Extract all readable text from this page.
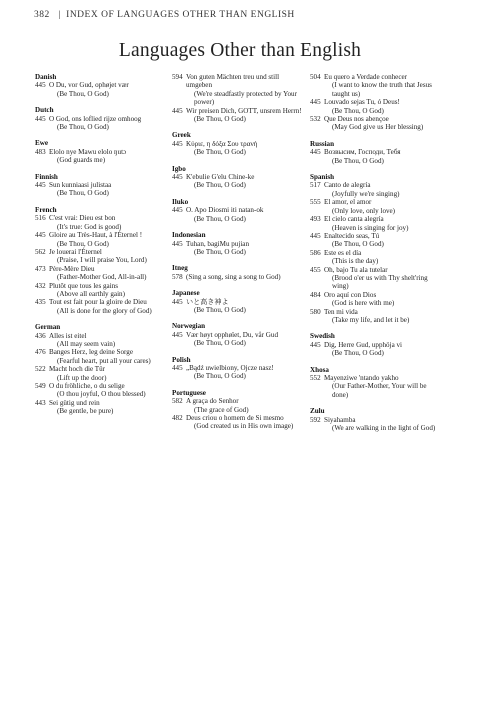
382 | INDEX OF LANGUAGES OTHER THAN ENGLISH
Languages Other than English
Danish
445 O Du, vor Gud, ophøjet vær
(Be Thou, O God)
Dutch
445 O God, ons loflied rijze omhoog
(Be Thou, O God)
Ewe
483 Elolo nye Mawu elolo ŋutɔ
(God guards me)
Finnish
445 Sun kunniaasi julistaa
(Be Thou, O God)
French
516 C'est vrai: Dieu est bon
(It's true: God is good)
445 Gloire au Très-Haut, à l'Éternel !
(Be Thou, O God)
562 Je louerai l'Éternel
(Praise, I will praise You, Lord)
473 Père-Mère Dieu
(Father-Mother God, All-in-all)
432 Plutôt que tous les gains
(Above all earthly gain)
435 Tout est fait pour la gloire de Dieu
(All is done for the glory of God)
German
436 Alles ist eitel
(All may seem vain)
476 Banges Herz, leg deine Sorge
(Fearful heart, put all your cares)
522 Macht hoch die Tür
(Lift up the door)
549 O du fröhliche, o du selige
(O thou joyful, O thou blessed)
443 Sei gütig und rein
(Be gentle, be pure)
594 Von guten Mächten treu und still umgeben
(We're steadfastly protected by Your power)
445 Wir preisen Dich, GOTT, unsrem Herrn!
(Be Thou, O God)
Greek
445 Κύριε, η δόξα Σου τρανή
(Be Thou, O God)
Igbo
445 K'ebulie G'elu Chine-ke
(Be Thou, O God)
Iluko
445 O. Apo Diosmi iti natan-ok
(Be Thou, O God)
Indonesian
445 Tuhan, bagiMu pujian
(Be Thou, O God)
Itneg
578 (Sing a song, sing a song to God)
Japanese
445 いと高き神よ
(Be Thou, O God)
Norwegian
445 Vær høyt opphøïet, Du, vår Gud
(Be Thou, O God)
Polish
445 „Bądź uwielbiony, Ojcze nasz!
(Be Thou, O God)
Portuguese
582 A graça do Senhor
(The grace of God)
482 Deus criou o homem de Si mesmo
(God created us in His own image)
504 Eu quero a Verdade conhecer
(I want to know the truth that Jesus taught us)
445 Louvado sejas Tu, ó Deus!
(Be Thou, O God)
532 Que Deus nos abençoe
(May God give us Her blessing)
Russian
445 Возвысим, Господи, Тебя
(Be Thou, O God)
Spanish
517 Canto de alegría
(Joyfully we're singing)
555 El amor, el amor
(Only love, only love)
493 El cielo canta alegría
(Heaven is singing for joy)
445 Enaltecido seas, Tú
(Be Thou, O God)
586 Este es el día
(This is the day)
455 Oh, bajo Tu ala tutelar
(Brood o'er us with Thy shelt'ring wing)
484 Oro aquí con Dios
(God is here with me)
580 Ten mi vida
(Take my life, and let it be)
Swedish
445 Dig, Herre Gud, upphöja vi
(Be Thou, O God)
Xhosa
552 Mayenziwe 'ntando yakho
(Our Father-Mother, Your will be done)
Zulu
592 Siyahamba
(We are walking in the light of God)
